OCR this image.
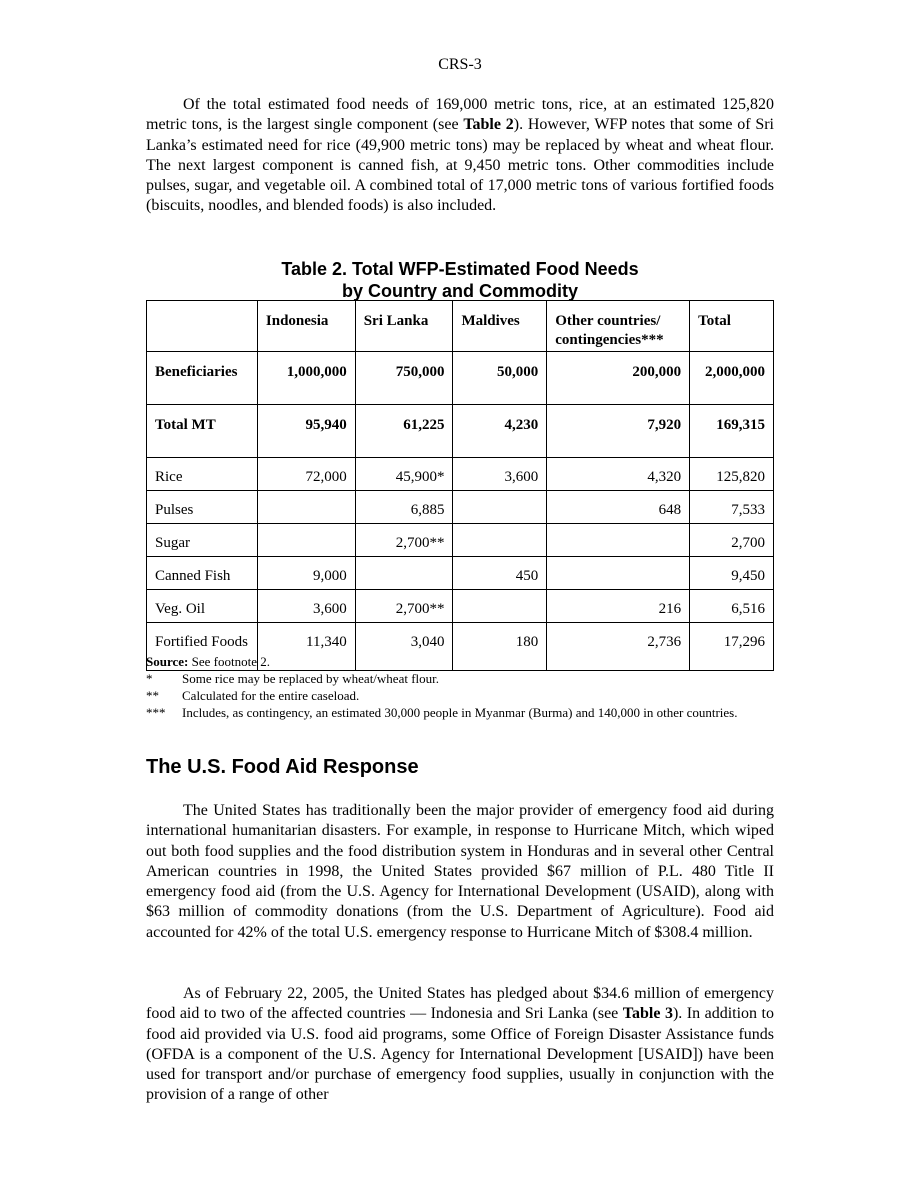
CRS-3

Of the total estimated food needs of 169,000 metric tons, rice, at an estimated 125,820 metric tons, is the largest single component (see Table 2). However, WFP notes that some of Sri Lanka’s estimated need for rice (49,900 metric tons) may be replaced by wheat and wheat flour. The next largest component is canned fish, at 9,450 metric tons. Other commodities include pulses, sugar, and vegetable oil. A combined total of 17,000 metric tons of various fortified foods (biscuits, noodles, and blended foods) is also included.

Table 2. Total WFP-Estimated Food Needs
by Country and Commodity
	Indonesia	Sri Lanka	Maldives	Other countries/ contingencies***	Total
Beneficiaries	1,000,000	750,000	50,000	200,000	2,000,000
Total MT	95,940	61,225	4,230	7,920	169,315
Rice	72,000	45,900*	3,600	4,320	125,820
Pulses		6,885		648	7,533
Sugar		2,700**			2,700
Canned Fish	9,000		450		9,450
Veg. Oil	3,600	2,700**		216	6,516
Fortified Foods	11,340	3,040	180	2,736	17,296
Source: See footnote 2.
*	Some rice may be replaced by wheat/wheat flour.
**	Calculated for the entire caseload.
***	Includes, as contingency, an estimated 30,000 people in Myanmar (Burma) and 140,000 in other countries.
The U.S. Food Aid Response

The United States has traditionally been the major provider of emergency food aid during international humanitarian disasters. For example, in response to Hurricane Mitch, which wiped out both food supplies and the food distribution system in Honduras and in several other Central American countries in 1998, the United States provided $67 million of P.L. 480 Title II emergency food aid (from the U.S. Agency for International Development (USAID), along with $63 million of commodity donations (from the U.S. Department of Agriculture). Food aid accounted for 42% of the total U.S. emergency response to Hurricane Mitch of $308.4 million.

As of February 22, 2005, the United States has pledged about $34.6 million of emergency food aid to two of the affected countries — Indonesia and Sri Lanka (see Table 3). In addition to food aid provided via U.S. food aid programs, some Office of Foreign Disaster Assistance funds (OFDA is a component of the U.S. Agency for International Development [USAID]) have been used for transport and/or purchase of emergency food supplies, usually in conjunction with the provision of a range of other
